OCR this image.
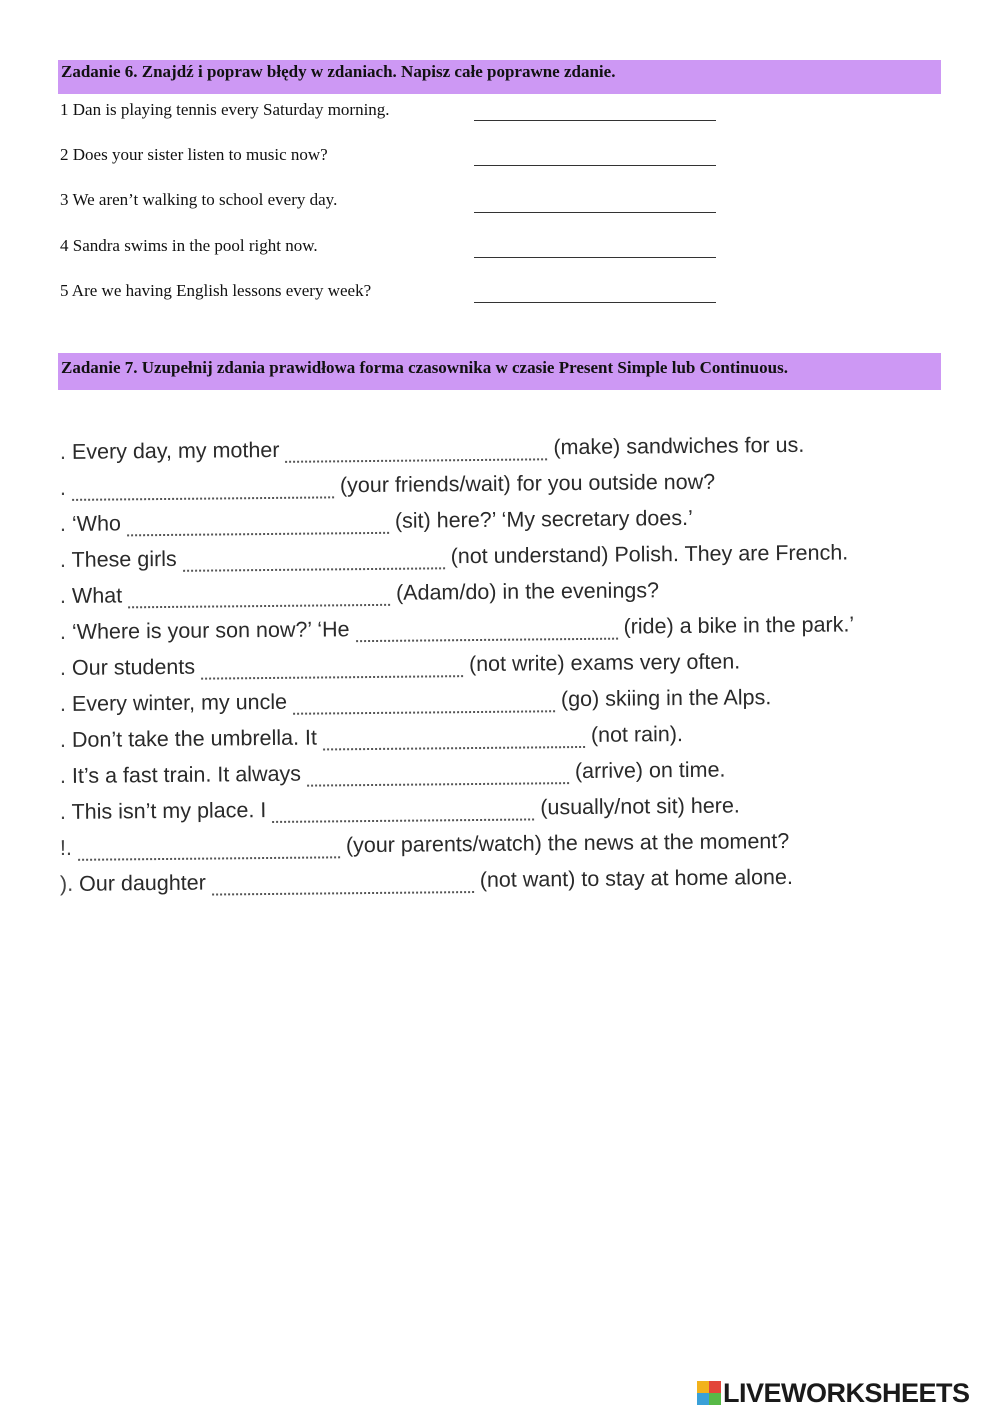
Zadanie 6. Znajdź i popraw błędy w zdaniach. Napisz całe poprawne zdanie.
1 Dan is playing tennis every Saturday morning.
2 Does your sister listen to music now?
3 We aren’t walking to school every day.
4 Sandra swims in the pool right now.
5 Are we having English lessons every week?
Zadanie 7. Uzupełnij zdania prawidłowa forma czasownika w czasie Present Simple lub Continuous.
. Every day, my mother	(make) sandwiches for us.
.	(your friends/wait) for you outside now?
. ‘Who	(sit) here?’ ‘My secretary does.’
. These girls	(not understand) Polish. They are French.
. What	(Adam/do) in the evenings?
. ‘Where is your son now?’ ‘He	(ride) a bike in the park.’
. Our students	(not write) exams very often.
. Every winter, my uncle	(go) skiing in the Alps.
. Don’t take the umbrella. It	(not rain).
. It’s a fast train. It always	(arrive) on time.
. This isn’t my place. I	(usually/not sit) here.
!.	(your parents/watch) the news at the moment?
). Our daughter	(not want) to stay at home alone.
LIVEWORKSHEETS
